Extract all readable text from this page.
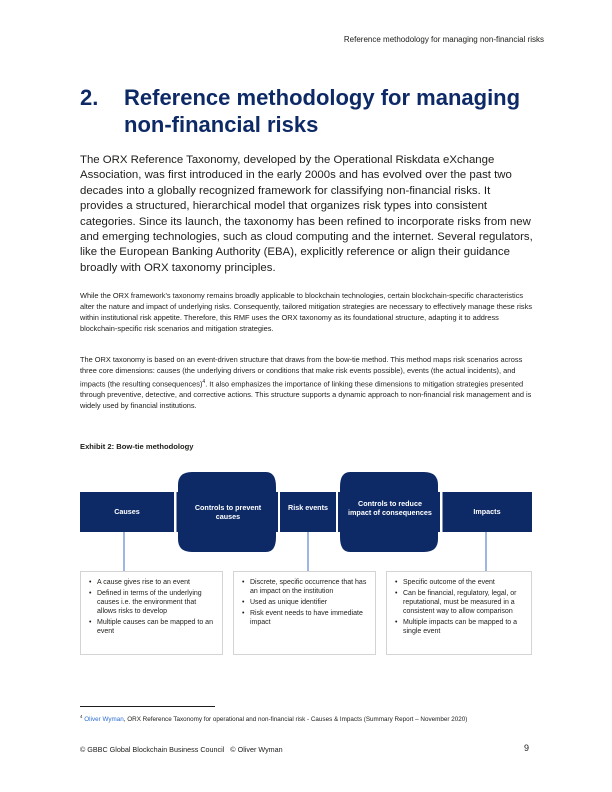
Reference methodology for managing non-financial risks
2. Reference methodology for managing non-financial risks

The ORX Reference Taxonomy, developed by the Operational Riskdata eXchange Association, was first introduced in the early 2000s and has evolved over the past two decades into a globally recognized framework for classifying non-financial risks. It provides a structured, hierarchical model that organizes risk types into consistent categories. Since its launch, the taxonomy has been refined to incorporate risks from new and emerging technologies, such as cloud computing and the internet. Several regulators, like the European Banking Authority (EBA), explicitly reference or align their guidance broadly with ORX taxonomy principles.

While the ORX framework’s taxonomy remains broadly applicable to blockchain technologies, certain blockchain-specific characteristics alter the nature and impact of underlying risks. Consequently, tailored mitigation strategies are necessary to effectively manage these risks within institutional risk appetite. Therefore, this RMF uses the ORX taxonomy as its foundational structure, adapting it to address blockchain-specific risk scenarios and mitigation strategies.

The ORX taxonomy is based on an event-driven structure that draws from the bow-tie method. This method maps risk scenarios across three core dimensions: causes (the underlying drivers or conditions that make risk events possible), events (the actual incidents), and impacts (the resulting consequences)$^4$. It also emphasizes the importance of linking these dimensions to mitigation strategies presented through preventive, detective, and corrective actions. This structure supports a dynamic approach to non-financial risk management and is widely used by financial institutions.

Exhibit 2: Bow-tie methodology

Causes	Controls to prevent causes
Risk events	Controls to reduce impact of consequences	Impacts
• A cause gives rise to an event
• Defined in terms of the underlying causes i.e. the environment that allows risks to develop
• Multiple causes can be mapped to an event
• Discrete, specific occurrence that has an impact on the institution
• Used as unique identifier
• Risk event needs to have immediate impact
• Specific outcome of the event
• Can be financial, regulatory, legal, or reputational, must be measured in a consistent way to allow comparison
• Multiple impacts can be mapped to a single event

$^4$ Oliver Wyman, ORX Reference Taxonomy for operational and non-financial risk - Causes & Impacts (Summary Report – November 2020)

© GBBC Global Blockchain Business Council   © Oliver Wyman	9
